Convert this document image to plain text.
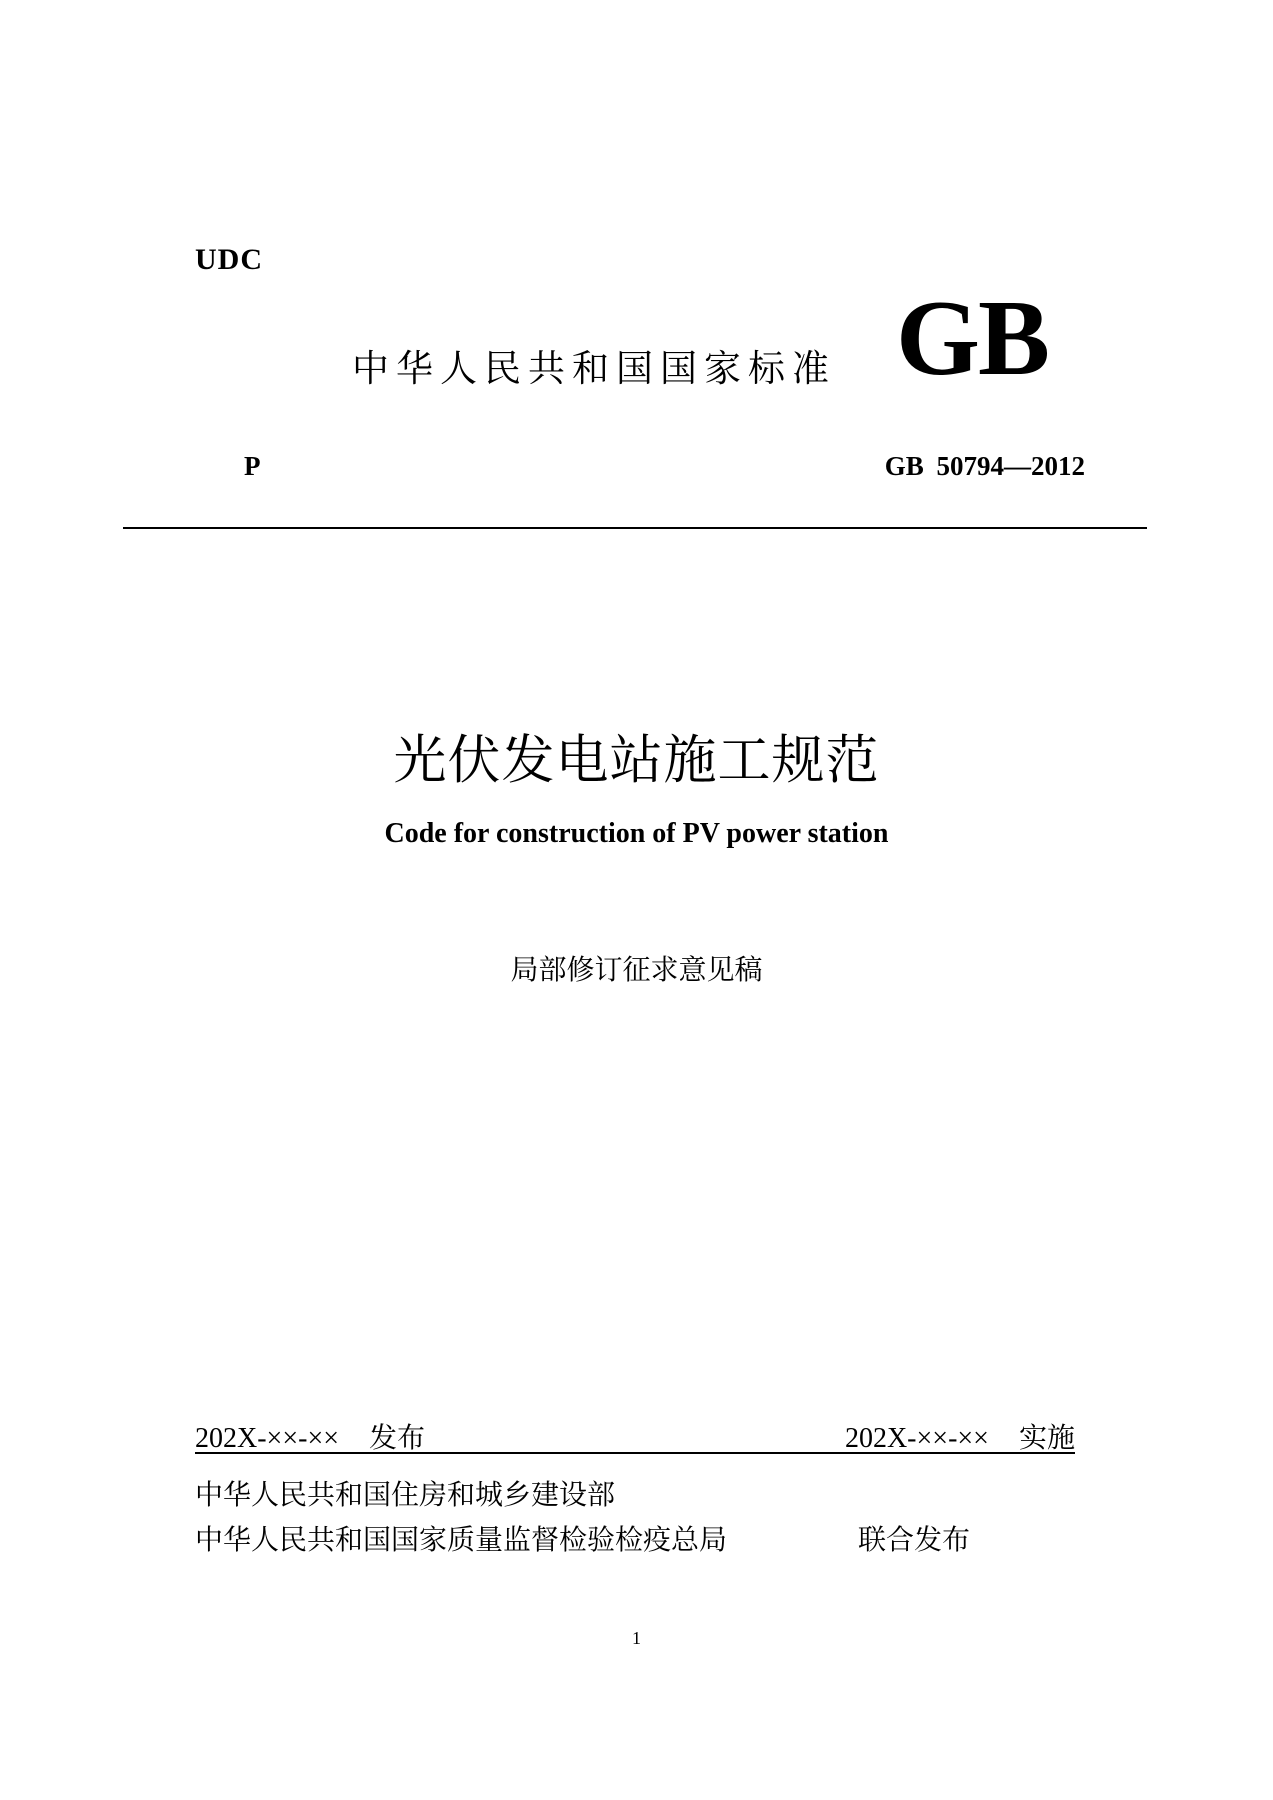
UDC
中华人民共和国国家标准 GB
P	GB 50794—2012
光伏发电站施工规范
Code for construction of PV power station
局部修订征求意见稿
202X-××-×× 发布	202X-××-×× 实施
中华人民共和国住房和城乡建设部
中华人民共和国国家质量监督检验检疫总局	联合发布
1
